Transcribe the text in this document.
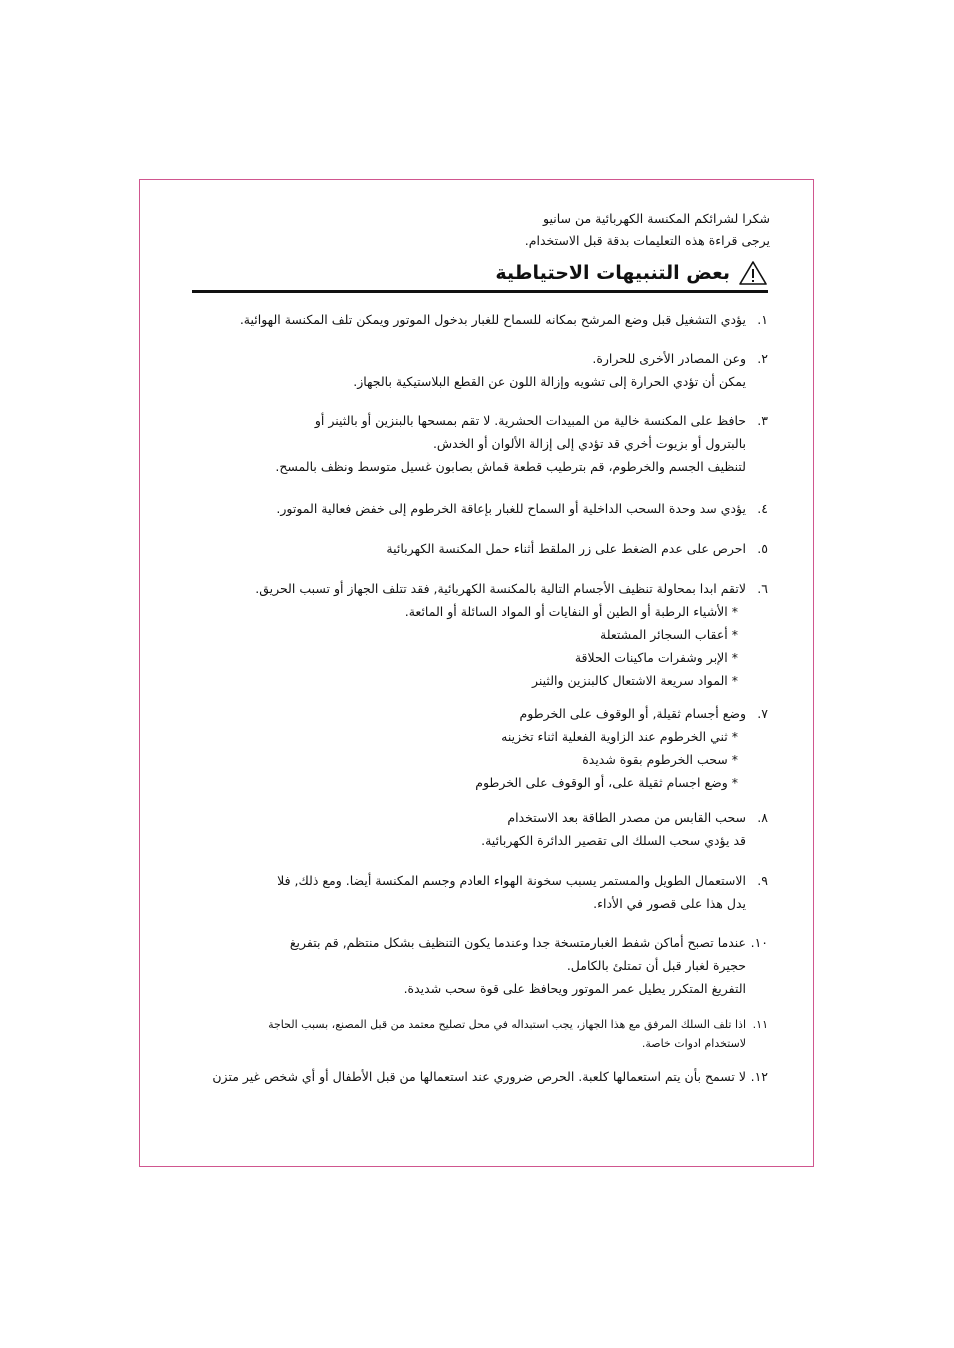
شكرا لشرائكم المكنسة الكهربائية من سانيو
يرجى قراءة هذه التعليمات بدقة قبل الاستخدام.
بعض التنبيهات الاحتياطية
١.
يؤدي التشغيل قبل وضع المرشح بمكانه للسماح للغبار بدخول الموتور ويمكن تلف المكنسة الهوائية.
٢.
وعن المصادر الأخرى للحرارة.
يمكن أن تؤدي الحرارة إلى تشويه وإزالة اللون عن القطع البلاستيكية بالجهاز.
٣.
حافظ على المكنسة خالية من المبيدات الحشرية. لا تقم بمسحها بالبنزين أو بالثينر أو
بالبترول أو بزيوت أخري قد تؤدي إلى إزالة الألوان أو الخدش.
لتنظيف الجسم والخرطوم، قم بترطيب قطعة قماش بصابون غسيل متوسط ونظف بالمسح.
٤.
يؤدي سد وحدة السحب الداخلية أو السماح للغبار بإعاقة الخرطوم إلى خفض فعالية الموتور.
٥.
احرص على عدم الضغط على زر الملقط أثناء حمل المكنسة الكهربائية
٦.
لاتقم ابدا بمحاولة تنظيف الأجسام التالية بالمكنسة الكهربائية, فقد تتلف الجهاز أو تسبب الحريق.
* الأشياء الرطبة أو الطين أو النفايات أو المواد السائلة أو المائعة.
* أعقاب السجائر المشتعلة
* الإبر وشفرات ماكينات الحلاقة
* المواد سريعة الاشتعال كالبنزين والثينر
٧.
وضع أجسام ثقيلة, أو الوقوف على الخرطوم
* ثني الخرطوم عند الزاوية الفعلية اثناء تخزينه
* سحب الخرطوم بقوة شديدة
* وضع اجسام ثقيلة على، أو الوقوف على الخرطوم
٨.
سحب القابس من مصدر الطاقة بعد الاستخدام
قد يؤدي سحب السلك الى تقصير الدائرة الكهربائية.
٩.
الاستعمال الطويل والمستمر يسبب سخونة الهواء العادم وجسم المكنسة أيضا. ومع ذلك, فلا
يدل هذا على قصور في الأداء.
١٠.
عندما تصبح أماكن شفط الغبارمتسخة جدا وعندما يكون التنظيف بشكل منتظم, قم بتفريغ
حجيرة لغبار قبل أن تمتلئ بالكامل.
التفريغ المتكرر يطيل عمر الموتور ويحافظ على قوة سحب شديدة.
١١.
اذا تلف السلك المرفق مع هذا الجهاز، يجب استبداله في محل تصليح معتمد من قبل المصنع، بسبب الحاجة
لاستخدام ادوات خاصة.
١٢.
لا تسمح بأن يتم استعمالها كلعبة. الحرص ضروري عند استعمالها من قبل الأطفال أو أي شخص غير متزن
